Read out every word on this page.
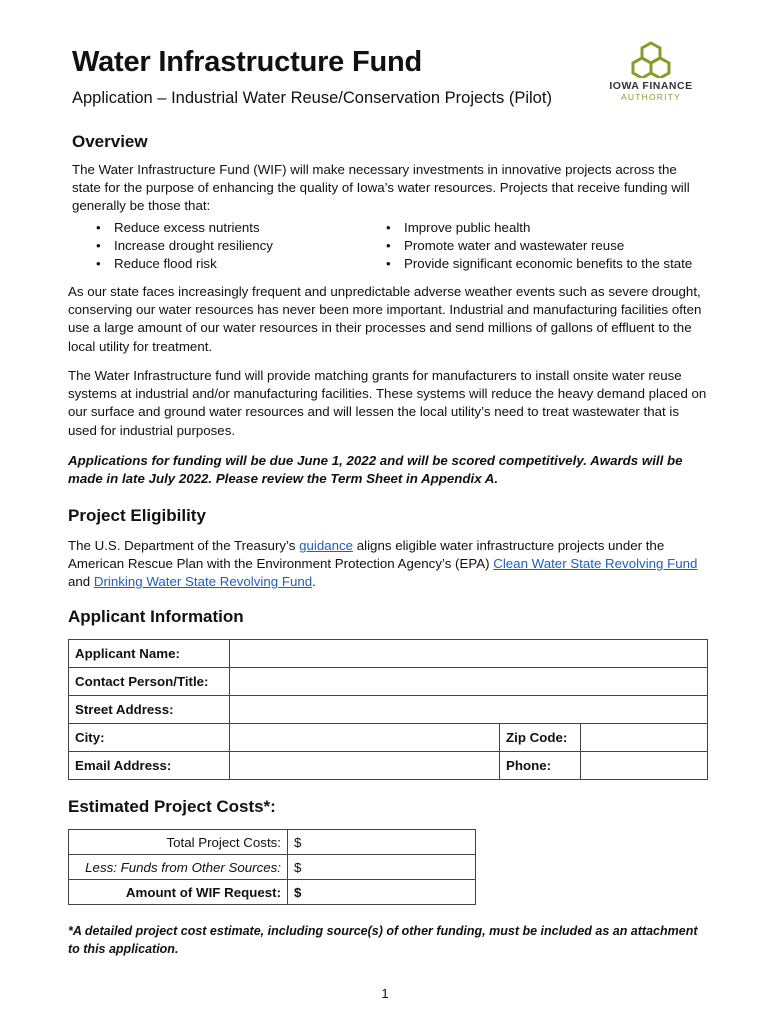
Water Infrastructure Fund

Application – Industrial Water Reuse/Conservation Projects (Pilot)

IOWA FINANCE
AUTHORITY
Overview

The Water Infrastructure Fund (WIF) will make necessary investments in innovative projects across the state for the purpose of enhancing the quality of Iowa’s water resources. Projects that receive funding will generally be those that:

• Reduce excess nutrients
• Increase drought resiliency
• Reduce flood risk
• Improve public health
• Promote water and wastewater reuse
• Provide significant economic benefits to the state

As our state faces increasingly frequent and unpredictable adverse weather events such as severe drought, conserving our water resources has never been more important. Industrial and manufacturing facilities often use a large amount of our water resources in their processes and send millions of gallons of effluent to the local utility for treatment.

The Water Infrastructure fund will provide matching grants for manufacturers to install onsite water reuse systems at industrial and/or manufacturing facilities. These systems will reduce the heavy demand placed on our surface and ground water resources and will lessen the local utility’s need to treat wastewater that is used for industrial purposes.

Applications for funding will be due June 1, 2022 and will be scored competitively. Awards will be made in late July 2022. Please review the Term Sheet in Appendix A.

Project Eligibility

The U.S. Department of the Treasury’s guidance aligns eligible water infrastructure projects under the American Rescue Plan with the Environment Protection Agency’s (EPA) Clean Water State Revolving Fund and Drinking Water State Revolving Fund.

Applicant Information
Applicant Name:			
Contact Person/Title:			
Street Address:			
City:		Zip Code:	
Email Address:		Phone:	
Estimated Project Costs*:
Total Project Costs:	$
Less: Funds from Other Sources:	$
Amount of WIF Request:	$

*A detailed project cost estimate, including source(s) of other funding, must be included as an attachment to this application.

1
